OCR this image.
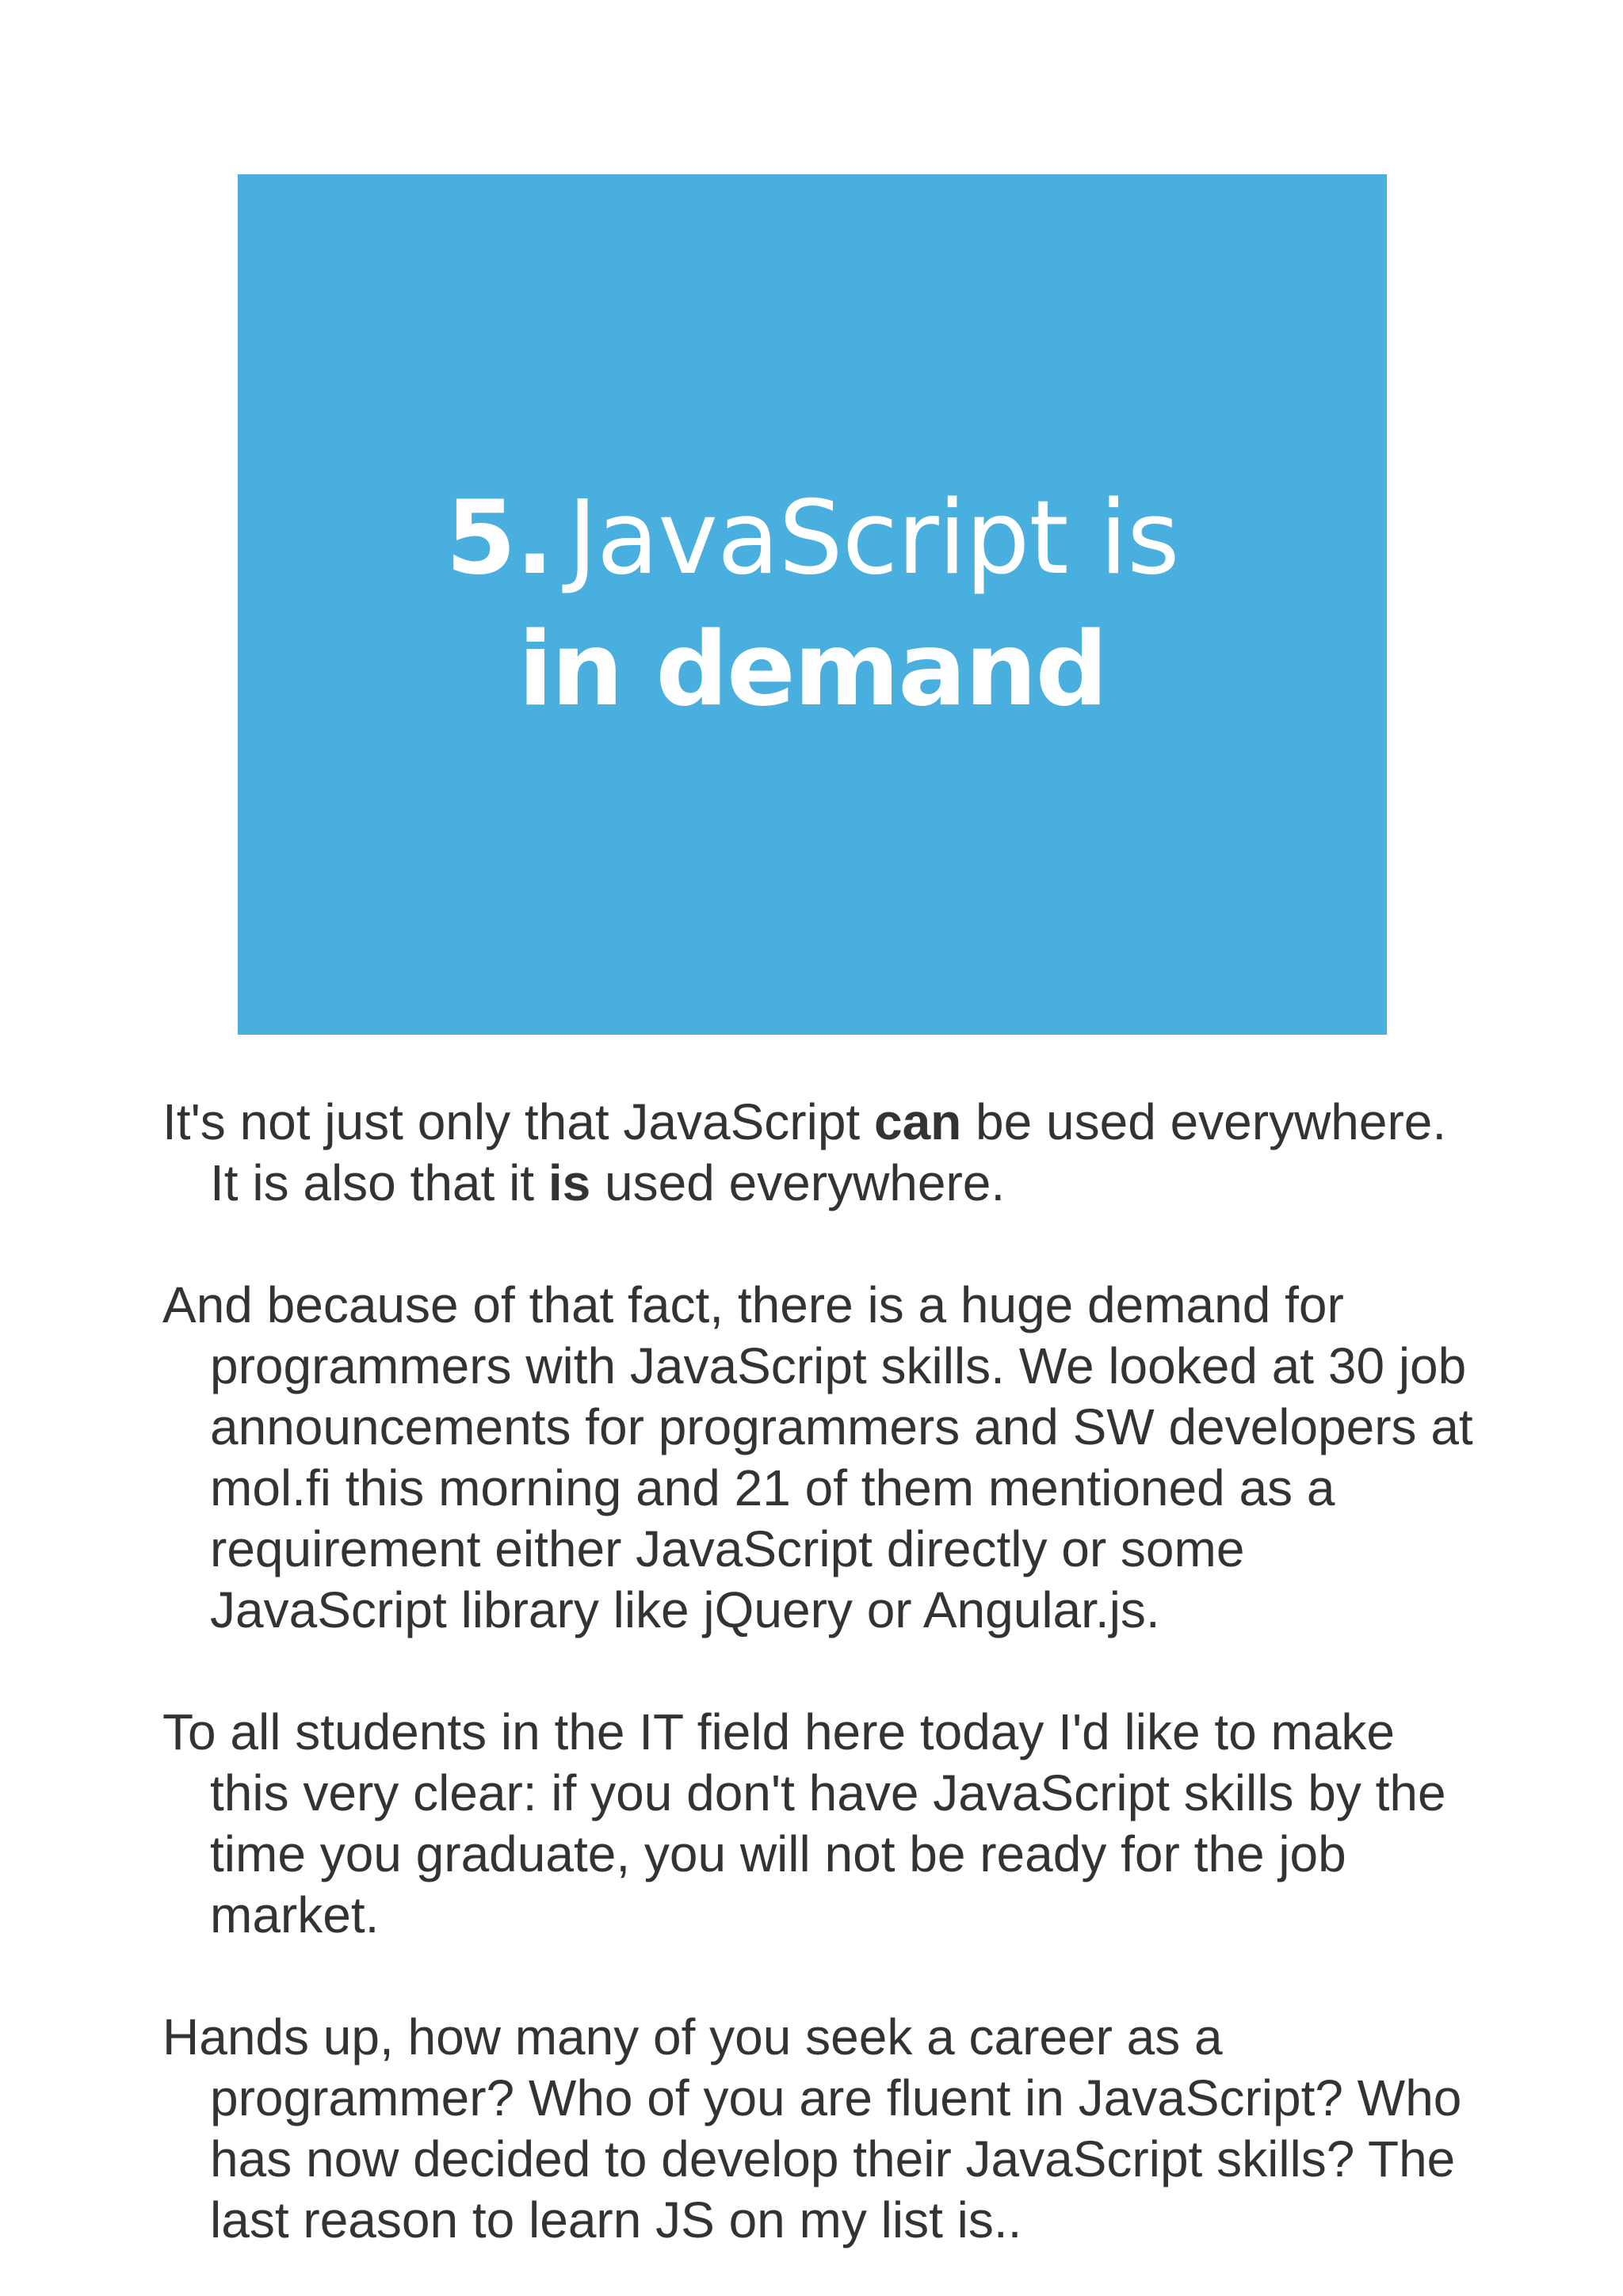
5. JavaScript is
in demand

It's not just only that JavaScript can be used everywhere. It is also that it is used everywhere.

And because of that fact, there is a huge demand for programmers with JavaScript skills. We looked at 30 job announcements for programmers and SW developers at mol.fi this morning and 21 of them mentioned as a requirement either JavaScript directly or some JavaScript library like jQuery or Angular.js.

To all students in the IT field here today I'd like to make this very clear: if you don't have JavaScript skills by the time you graduate, you will not be ready for the job market.

Hands up, how many of you seek a career as a programmer? Who of you are fluent in JavaScript? Who has now decided to develop their JavaScript skills? The last reason to learn JS on my list is..
